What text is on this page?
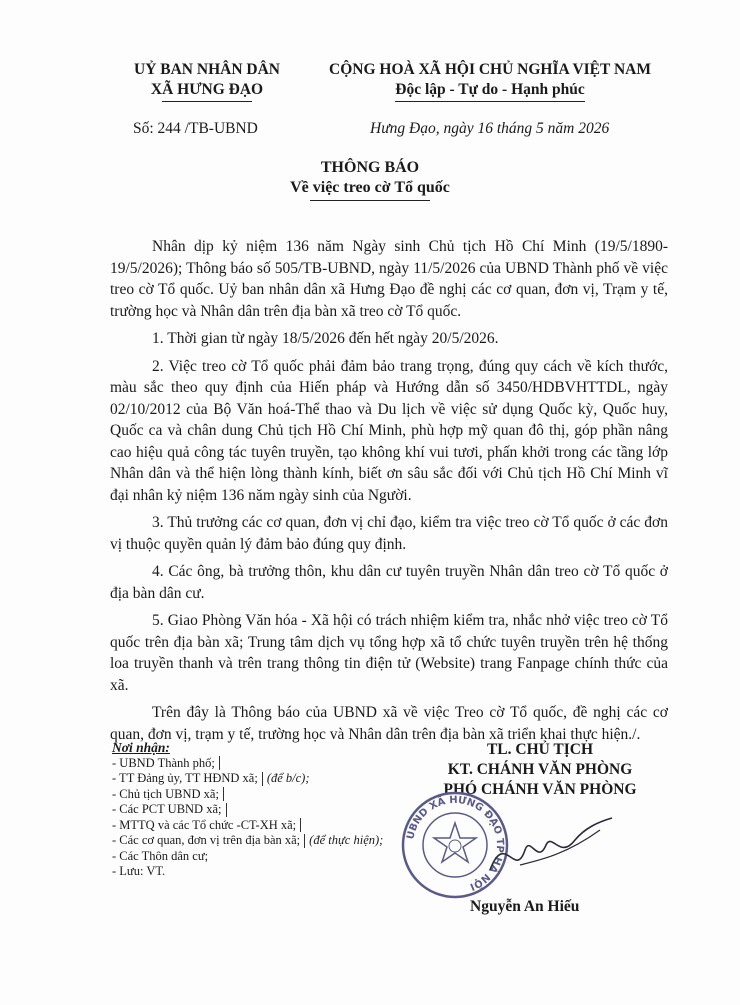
UỶ BAN NHÂN DÂN
XÃ HƯNG ĐẠO
CỘNG HOÀ XÃ HỘI CHỦ NGHĨA VIỆT NAM
Độc lập - Tự do - Hạnh phúc
Số: 244 /TB-UBND	Hưng Đạo, ngày 16 tháng 5 năm 2026
THÔNG BÁO
Về việc treo cờ Tổ quốc

Nhân dịp kỷ niệm 136 năm Ngày sinh Chủ tịch Hồ Chí Minh (19/5/1890-19/5/2026); Thông báo số 505/TB-UBND, ngày 11/5/2026 của UBND Thành phố về việc treo cờ Tổ quốc. Uỷ ban nhân dân xã Hưng Đạo đề nghị các cơ quan, đơn vị, Trạm y tế, trường học và Nhân dân trên địa bàn xã treo cờ Tổ quốc.

1. Thời gian từ ngày 18/5/2026 đến hết ngày 20/5/2026.

2. Việc treo cờ Tổ quốc phải đảm bảo trang trọng, đúng quy cách về kích thước, màu sắc theo quy định của Hiến pháp và Hướng dẫn số 3450/HDBVHTTDL, ngày 02/10/2012 của Bộ Văn hoá-Thể thao và Du lịch về việc sử dụng Quốc kỳ, Quốc huy, Quốc ca và chân dung Chủ tịch Hồ Chí Minh, phù hợp mỹ quan đô thị, góp phần nâng cao hiệu quả công tác tuyên truyền, tạo không khí vui tươi, phấn khởi trong các tầng lớp Nhân dân và thể hiện lòng thành kính, biết ơn sâu sắc đối với Chủ tịch Hồ Chí Minh vĩ đại nhân kỷ niệm 136 năm ngày sinh của Người.

3. Thủ trưởng các cơ quan, đơn vị chỉ đạo, kiểm tra việc treo cờ Tổ quốc ở các đơn vị thuộc quyền quản lý đảm bảo đúng quy định.

4. Các ông, bà trưởng thôn, khu dân cư tuyên truyền Nhân dân treo cờ Tổ quốc ở địa bàn dân cư.

5. Giao Phòng Văn hóa - Xã hội có trách nhiệm kiểm tra, nhắc nhở việc treo cờ Tổ quốc trên địa bàn xã; Trung tâm dịch vụ tổng hợp xã tổ chức tuyên truyền trên hệ thống loa truyền thanh và trên trang thông tin điện tử (Website) trang Fanpage chính thức của xã.

Trên đây là Thông báo của UBND xã về việc Treo cờ Tổ quốc, đề nghị các cơ quan, đơn vị, trạm y tế, trường học và Nhân dân trên địa bàn xã triển khai thực hiện./.

Nơi nhận:
- UBND Thành phố;
- TT Đảng ủy, TT HĐND xã; (để b/c);
- Chủ tịch UBND xã;
- Các PCT UBND xã;
- MTTQ và các Tổ chức -CT-XH xã;
- Các cơ quan, đơn vị trên địa bàn xã; (để thực hiện);
- Các Thôn dân cư;
- Lưu: VT.
TL. CHỦ TỊCH
KT. CHÁNH VĂN PHÒNG
PHÓ CHÁNH VĂN PHÒNG
UBND XÃ HƯNG ĐẠO TP HÀ NỘI
Nguyễn An Hiếu
